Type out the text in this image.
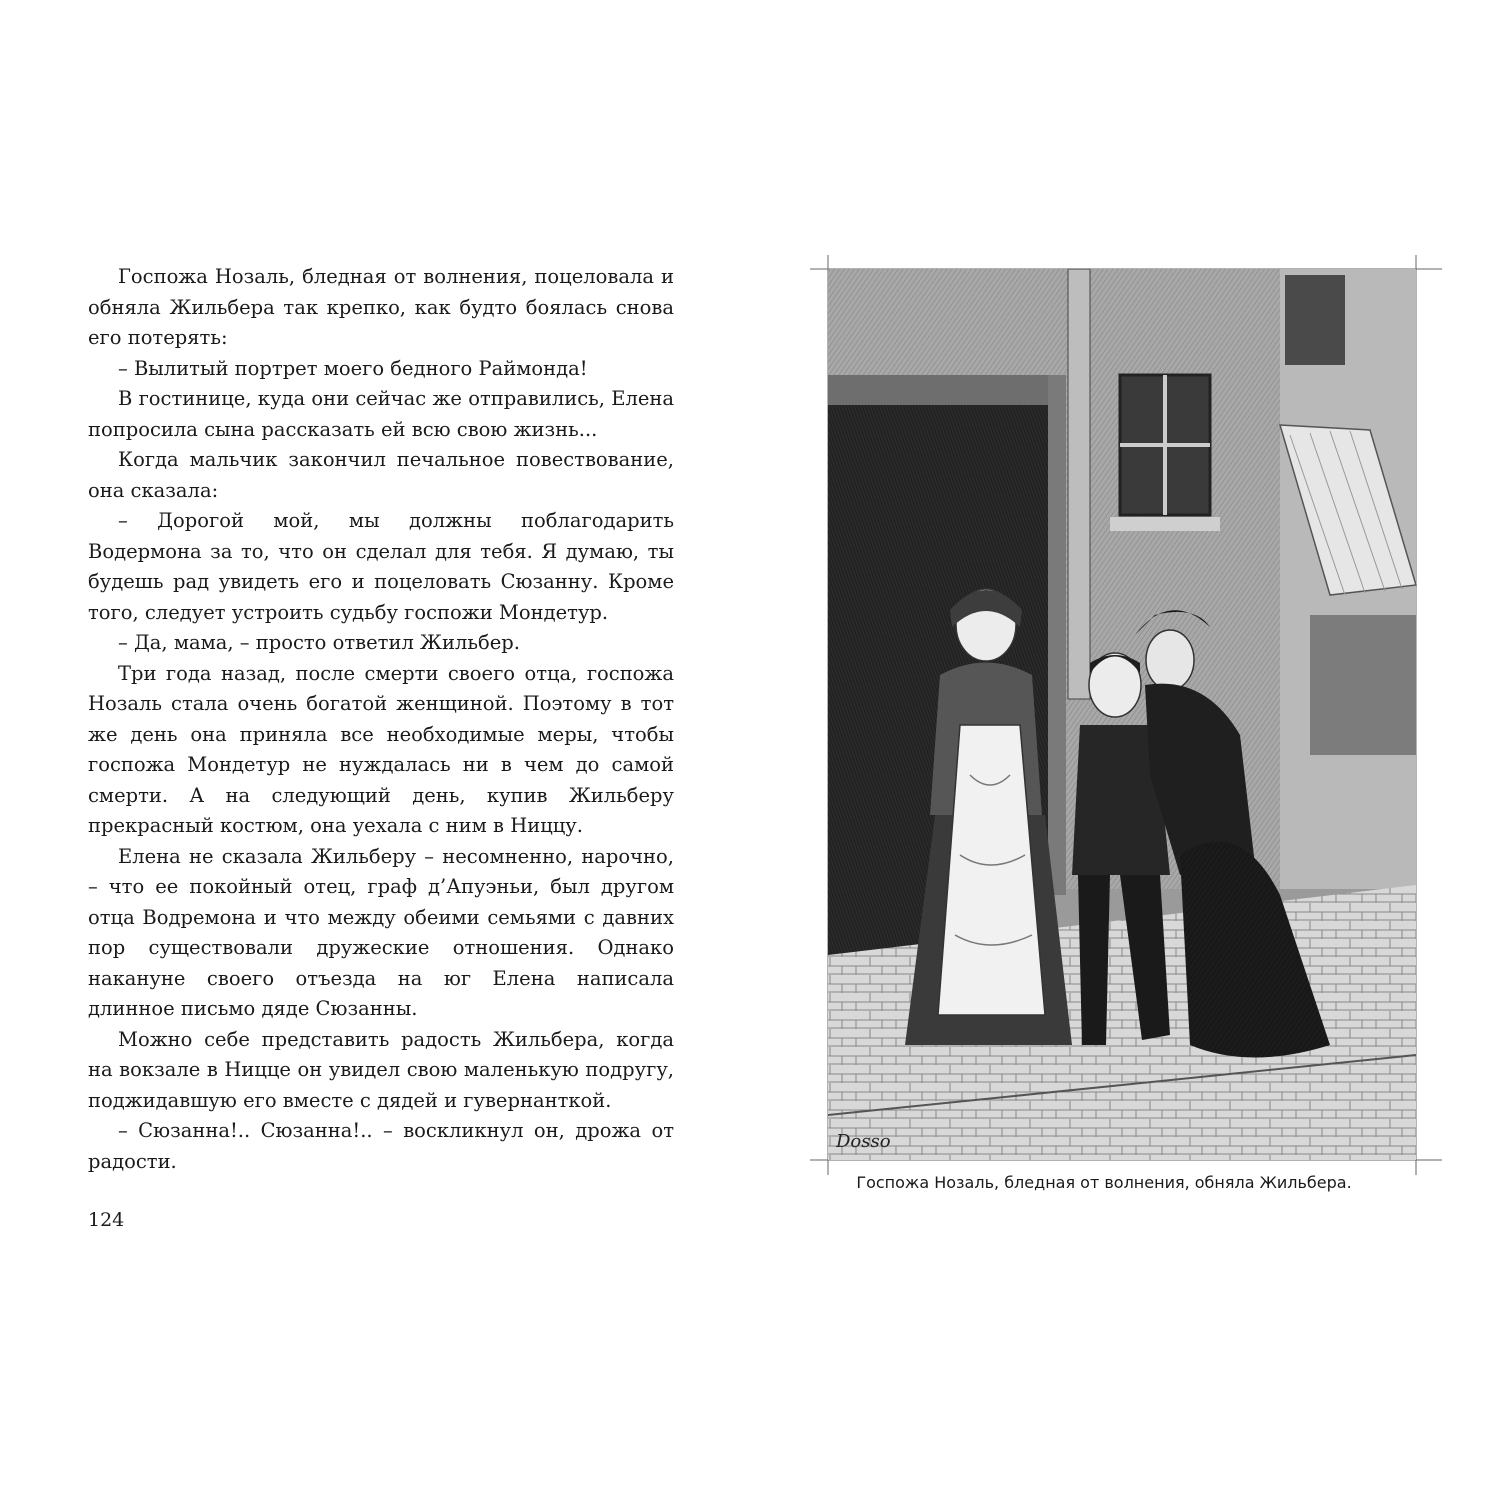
Госпожа Нозаль, бледная от волнения, поцеловала и обняла Жильбера так крепко, как будто боялась снова его потерять:

– Вылитый портрет моего бедного Раймонда!

В гостинице, куда они сейчас же отправились, Елена попросила сына рассказать ей всю свою жизнь...

Когда мальчик закончил печальное повествование, она сказала:

– Дорогой мой, мы должны поблагодарить Водермона за то, что он сделал для тебя. Я думаю, ты будешь рад увидеть его и поцеловать Сюзанну. Кроме того, следует устроить судьбу госпожи Мондетур.

– Да, мама, – просто ответил Жильбер.

Три года назад, после смерти своего отца, госпожа Нозаль стала очень богатой женщиной. Поэтому в тот же день она приняла все необходимые меры, чтобы госпожа Мондетур не нуждалась ни в чем до самой смерти. А на следующий день, купив Жильберу прекрасный костюм, она уехала с ним в Ниццу.

Елена не сказала Жильберу – несомненно, нарочно, – что ее покойный отец, граф д’Апуэньи, был другом отца Водремона и что между обеими семьями с давних пор существовали дружеские отношения. Однако накануне своего отъезда на юг Елена написала длинное письмо дяде Сюзанны.

Можно себе представить радость Жильбера, когда на вокзале в Ницце он увидел свою маленькую подругу, поджидавшую его вместе с дядей и гувернанткой.

– Сюзанна!.. Сюзанна!.. – воскликнул он, дрожа от радости.

124
Dosso
Госпожа Нозаль, бледная от волнения, обняла Жильбера.
